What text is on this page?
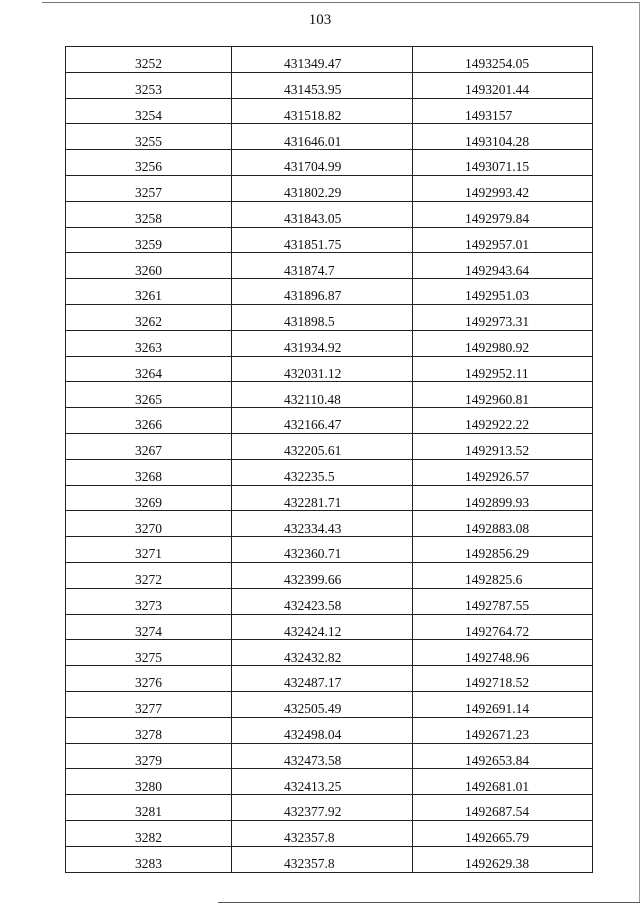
103
3252	431349.47	1493254.05
3253	431453.95	1493201.44
3254	431518.82	1493157
3255	431646.01	1493104.28
3256	431704.99	1493071.15
3257	431802.29	1492993.42
3258	431843.05	1492979.84
3259	431851.75	1492957.01
3260	431874.7	1492943.64
3261	431896.87	1492951.03
3262	431898.5	1492973.31
3263	431934.92	1492980.92
3264	432031.12	1492952.11
3265	432110.48	1492960.81
3266	432166.47	1492922.22
3267	432205.61	1492913.52
3268	432235.5	1492926.57
3269	432281.71	1492899.93
3270	432334.43	1492883.08
3271	432360.71	1492856.29
3272	432399.66	1492825.6
3273	432423.58	1492787.55
3274	432424.12	1492764.72
3275	432432.82	1492748.96
3276	432487.17	1492718.52
3277	432505.49	1492691.14
3278	432498.04	1492671.23
3279	432473.58	1492653.84
3280	432413.25	1492681.01
3281	432377.92	1492687.54
3282	432357.8	1492665.79
3283	432357.8	1492629.38
